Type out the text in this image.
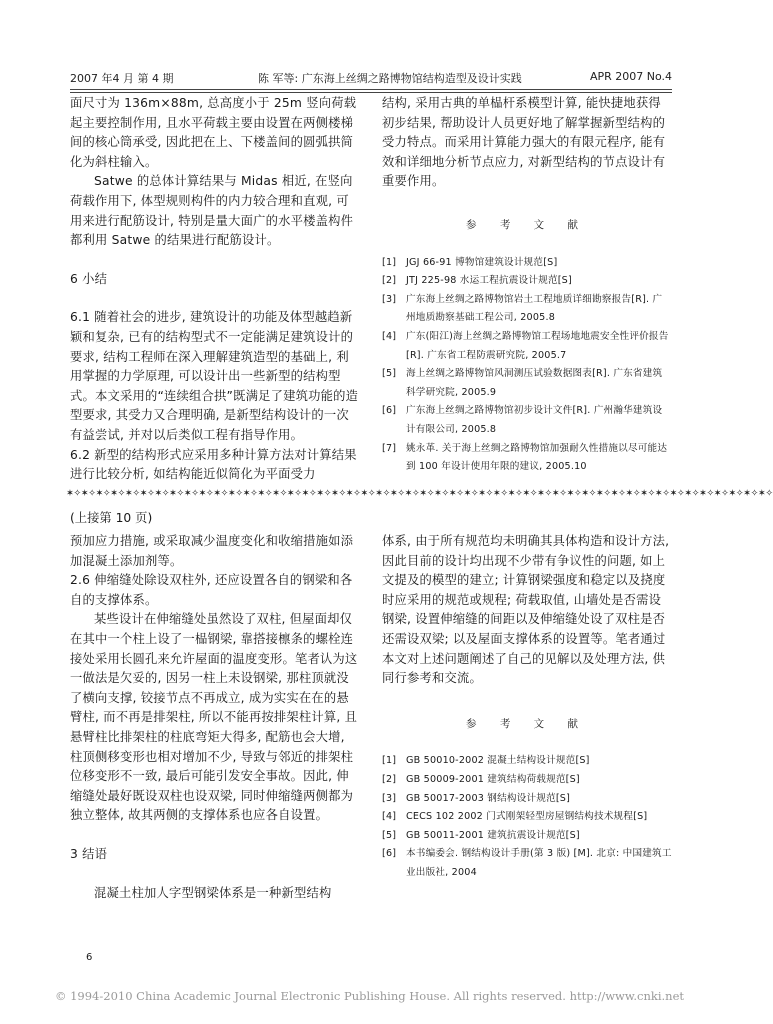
2007 年4 月 第 4 期	陈 军等: 广东海上丝绸之路博物馆结构造型及设计实践	APR 2007 No.4

面尺寸为 136m×88m, 总高度小于 25m 竖向荷载起主要控制作用, 且水平荷载主要由设置在两侧楼梯间的核心筒承受, 因此把在上、下楼盖间的圆弧拱简化为斜柱输入。

Satwe 的总体计算结果与 Midas 相近, 在竖向荷载作用下, 体型规则构件的内力较合理和直观, 可用来进行配筋设计, 特别是量大面广的水平楼盖构件都利用 Satwe 的结果进行配筋设计。

6 小结

6.1 随着社会的进步, 建筑设计的功能及体型越趋新颖和复杂, 已有的结构型式不一定能满足建筑设计的要求, 结构工程师在深入理解建筑造型的基础上, 利用掌握的力学原理, 可以设计出一些新型的结构型式。本文采用的“连续组合拱”既满足了建筑功能的造型要求, 其受力又合理明确, 是新型结构设计的一次有益尝试, 并对以后类似工程有指导作用。

6.2 新型的结构形式应采用多种计算方法对计算结果进行比较分析, 如结构能近似简化为平面受力

结构, 采用古典的单榀杆系模型计算, 能快捷地获得初步结果, 帮助设计人员更好地了解掌握新型结构的受力特点。而采用计算能力强大的有限元程序, 能有效和详细地分析节点应力, 对新型结构的节点设计有重要作用。

参 考 文 献

[1] JGJ 66-91 博物馆建筑设计规范[S]
[2] JTJ 225-98 水运工程抗震设计规范[S]
[3] 广东海上丝绸之路博物馆岩土工程地质详细勘察报告[R]. 广州地质勘察基础工程公司, 2005.8
[4] 广东(阳江)海上丝绸之路博物馆工程场地地震安全性评价报告[R]. 广东省工程防震研究院, 2005.7
[5] 海上丝绸之路博物馆风洞测压试验数据图表[R]. 广东省建筑科学研究院, 2005.9
[6] 广东海上丝绸之路博物馆初步设计文件[R]. 广州瀚华建筑设计有限公司, 2005.8
[7] 姚永革. 关于海上丝绸之路博物馆加强耐久性措施以尽可能达到 100 年设计使用年限的建议, 2005.10
✶✧✶✧✶✧✶✧✶✧✶✧✶✧✶✧✶✧✶✧✶✧✶✧✶✧✶✧✶✧✶✧✶✧✶✧✶✧✶✧✶✧✶✧✶✧✶✧✶✧✶✧✶✧✶✧✶✧✶✧✶✧✶✧✶✧✶✧✶✧✶✧✶✧✶✧✶✧✶✧✶✧✶✧✶✧✶✧✶✧✶✧✶✧✶✧
(上接第 10 页)

预加应力措施, 或采取减少温度变化和收缩措施如添加混凝土添加剂等。

2.6 伸缩缝处除设双柱外, 还应设置各自的钢梁和各自的支撑体系。

某些设计在伸缩缝处虽然设了双柱, 但屋面却仅在其中一个柱上设了一榀钢梁, 靠搭接檩条的螺栓连接处采用长圆孔来允许屋面的温度变形。笔者认为这一做法是欠妥的, 因另一柱上未设钢梁, 那柱顶就没了横向支撑, 铰接节点不再成立, 成为实实在在的悬臂柱, 而不再是排架柱, 所以不能再按排架柱计算, 且悬臂柱比排架柱的柱底弯矩大得多, 配筋也会大增, 柱顶侧移变形也相对增加不少, 导致与邻近的排架柱位移变形不一致, 最后可能引发安全事故。因此, 伸缩缝处最好既设双柱也设双梁, 同时伸缩缝两侧都为独立整体, 故其两侧的支撑体系也应各自设置。

3 结语

混凝土柱加人字型钢梁体系是一种新型结构

体系, 由于所有规范均未明确其具体构造和设计方法, 因此目前的设计均出现不少带有争议性的问题, 如上文提及的模型的建立; 计算钢梁强度和稳定以及挠度时应采用的规范或规程; 荷载取值, 山墙处是否需设钢梁, 设置伸缩缝的间距以及伸缩缝处设了双柱是否还需设双梁; 以及屋面支撑体系的设置等。笔者通过本文对上述问题阐述了自己的见解以及处理方法, 供同行参考和交流。

参 考 文 献

[1] GB 50010-2002 混凝土结构设计规范[S]
[2] GB 50009-2001 建筑结构荷载规范[S]
[3] GB 50017-2003 钢结构设计规范[S]
[4] CECS 102 2002 门式刚架轻型房屋钢结构技术规程[S]
[5] GB 50011-2001 建筑抗震设计规范[S]
[6] 本书编委会. 钢结构设计手册(第 3 版) [M]. 北京: 中国建筑工业出版社, 2004
6
© 1994-2010 China Academic Journal Electronic Publishing House. All rights reserved. http://www.cnki.net
